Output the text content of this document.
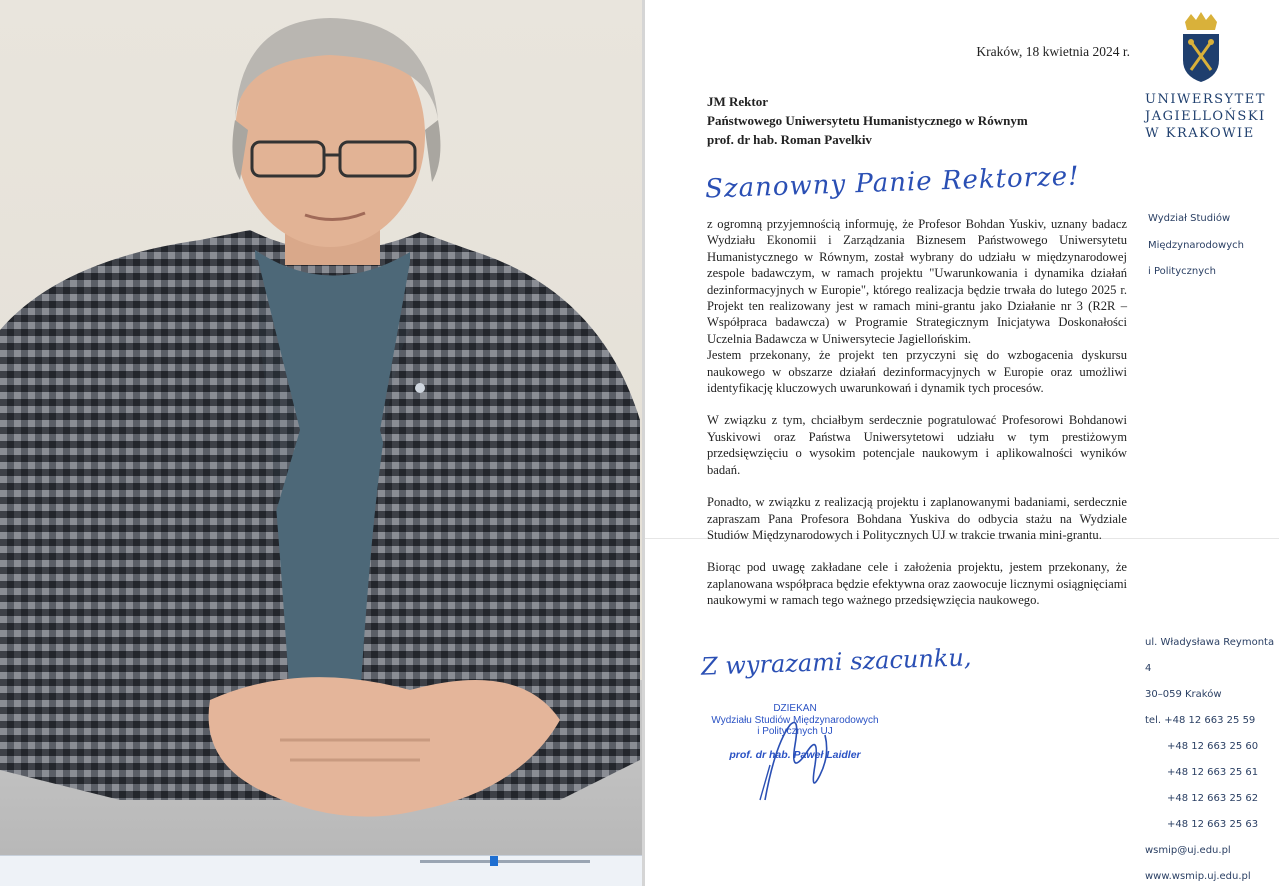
Kraków, 18 kwietnia 2024 r.
JM Rektor
Państwowego Uniwersytetu Humanistycznego w Równym
prof. dr hab. Roman Pavelkiv
Szanowny Panie Rektorze!

z ogromną przyjemnością informuję, że Profesor Bohdan Yuskiv, uznany badacz Wydziału Ekonomii i Zarządzania Biznesem Państwowego Uniwersytetu Humanistycznego w Równym, został wybrany do udziału w międzynarodowej zespole badawczym, w ramach projektu "Uwarunkowania i dynamika działań dezinformacyjnych w Europie", którego realizacja będzie trwała do lutego 2025 r. Projekt ten realizowany jest w ramach mini-grantu jako Działanie nr 3 (R2R – Współpraca badawcza) w Programie Strategicznym Inicjatywa Doskonałości Uczelnia Badawcza w Uniwersytecie Jagiellońskim.

Jestem przekonany, że projekt ten przyczyni się do wzbogacenia dyskursu naukowego w obszarze działań dezinformacyjnych w Europie oraz umożliwi identyfikację kluczowych uwarunkowań i dynamik tych procesów.

W związku z tym, chciałbym serdecznie pogratulować Profesorowi Bohdanowi Yuskivowi oraz Państwa Uniwersytetowi udziału w tym prestiżowym przedsięwzięciu o wysokim potencjale naukowym i aplikowalności wyników badań.

Ponadto, w związku z realizacją projektu i zaplanowanymi badaniami, serdecznie zapraszam Pana Profesora Bohdana Yuskiva do odbycia stażu na Wydziale Studiów Międzynarodowych i Politycznych UJ w trakcie trwania mini-grantu.

Biorąc pod uwagę zakładane cele i założenia projektu, jestem przekonany, że zaplanowana współpraca będzie efektywna oraz zaowocuje licznymi osiągnięciami naukowymi w ramach tego ważnego przedsięwzięcia naukowego.

Z wyrazami szacunku,
DZIEKAN
Wydziału Studiów Międzynarodowych
i Politycznych UJ
prof. dr hab. Paweł Laidler
UNIWERSYTET
JAGIELLOŃSKI
W KRAKOWIE
Wydział Studiów
Międzynarodowych
i Politycznych
ul. Władysława Reymonta 4
30–059 Kraków
tel. +48 12 663 25 59
+48 12 663 25 60
+48 12 663 25 61
+48 12 663 25 62
+48 12 663 25 63
wsmip@uj.edu.pl
www.wsmip.uj.edu.pl
